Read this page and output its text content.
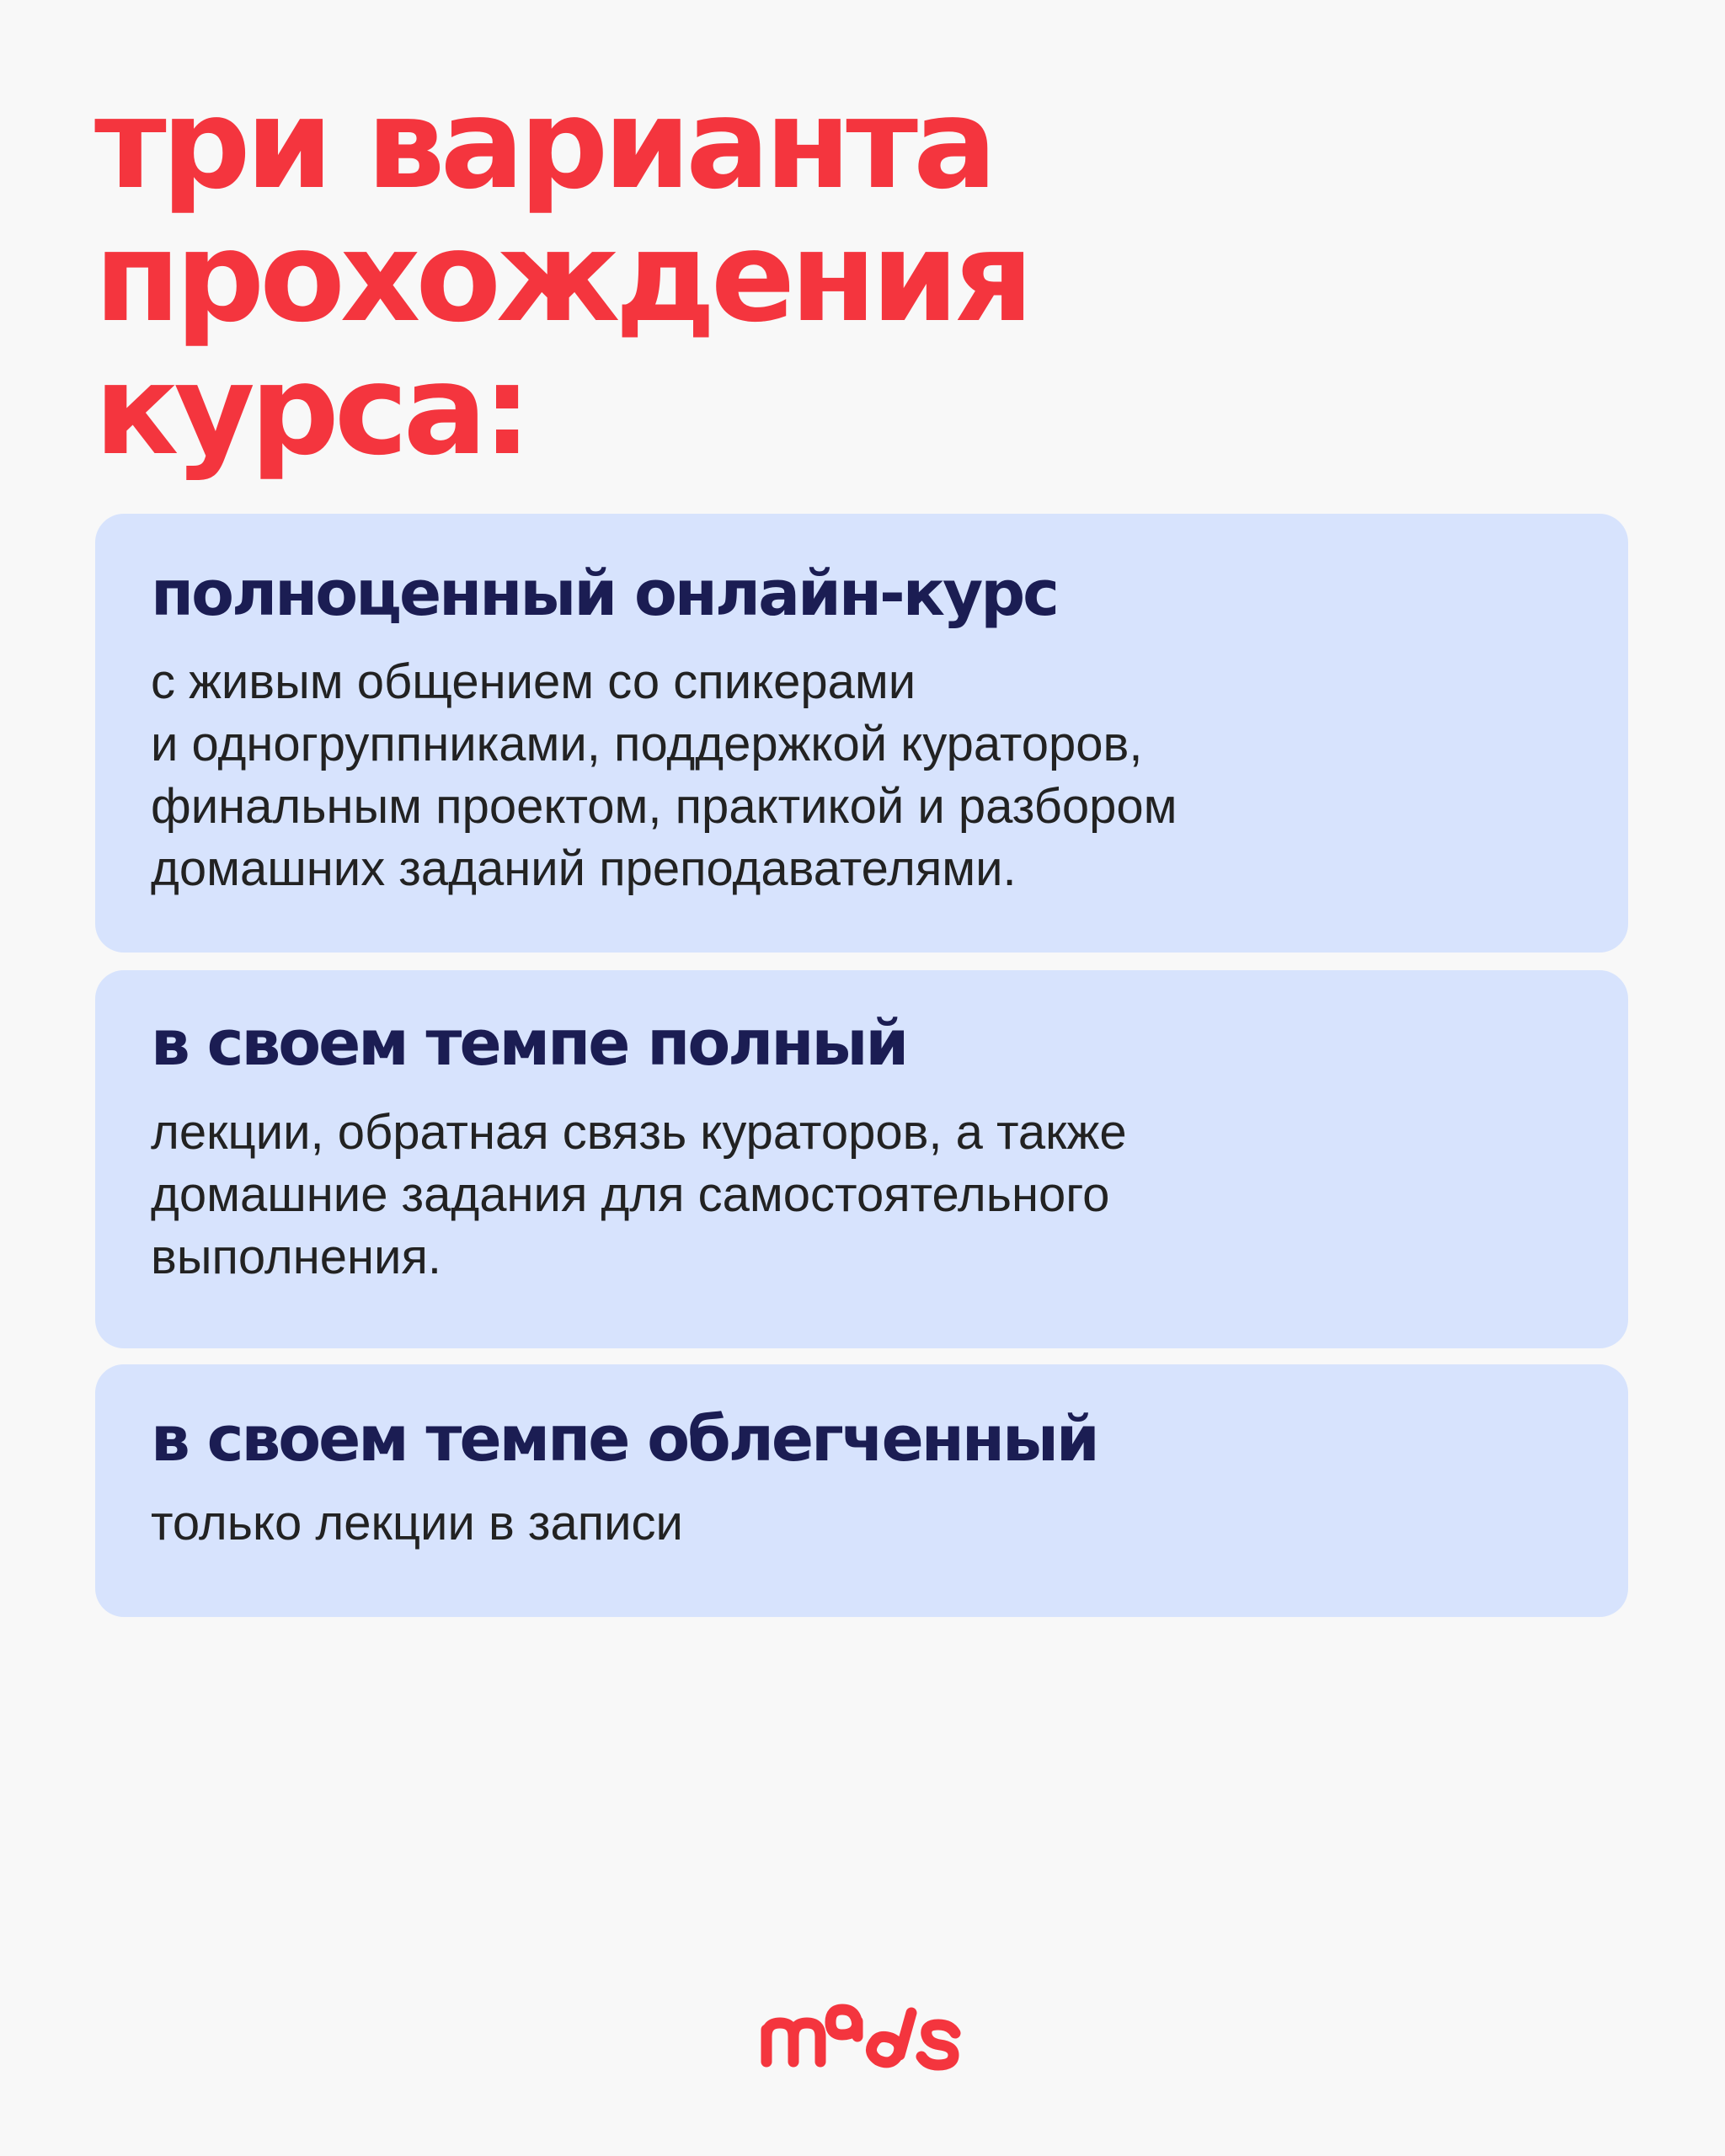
три варианта
прохождения
курса:
полноценный онлайн-курс

с живым общением со спикерами
и одногруппниками, поддержкой кураторов,
финальным проектом, практикой и разбором
домашних заданий преподавателями.

в своем темпе полный

лекции, обратная связь кураторов, а также
домашние задания для самостоятельного
выполнения.

в своем темпе облегченный

только лекции в записи
